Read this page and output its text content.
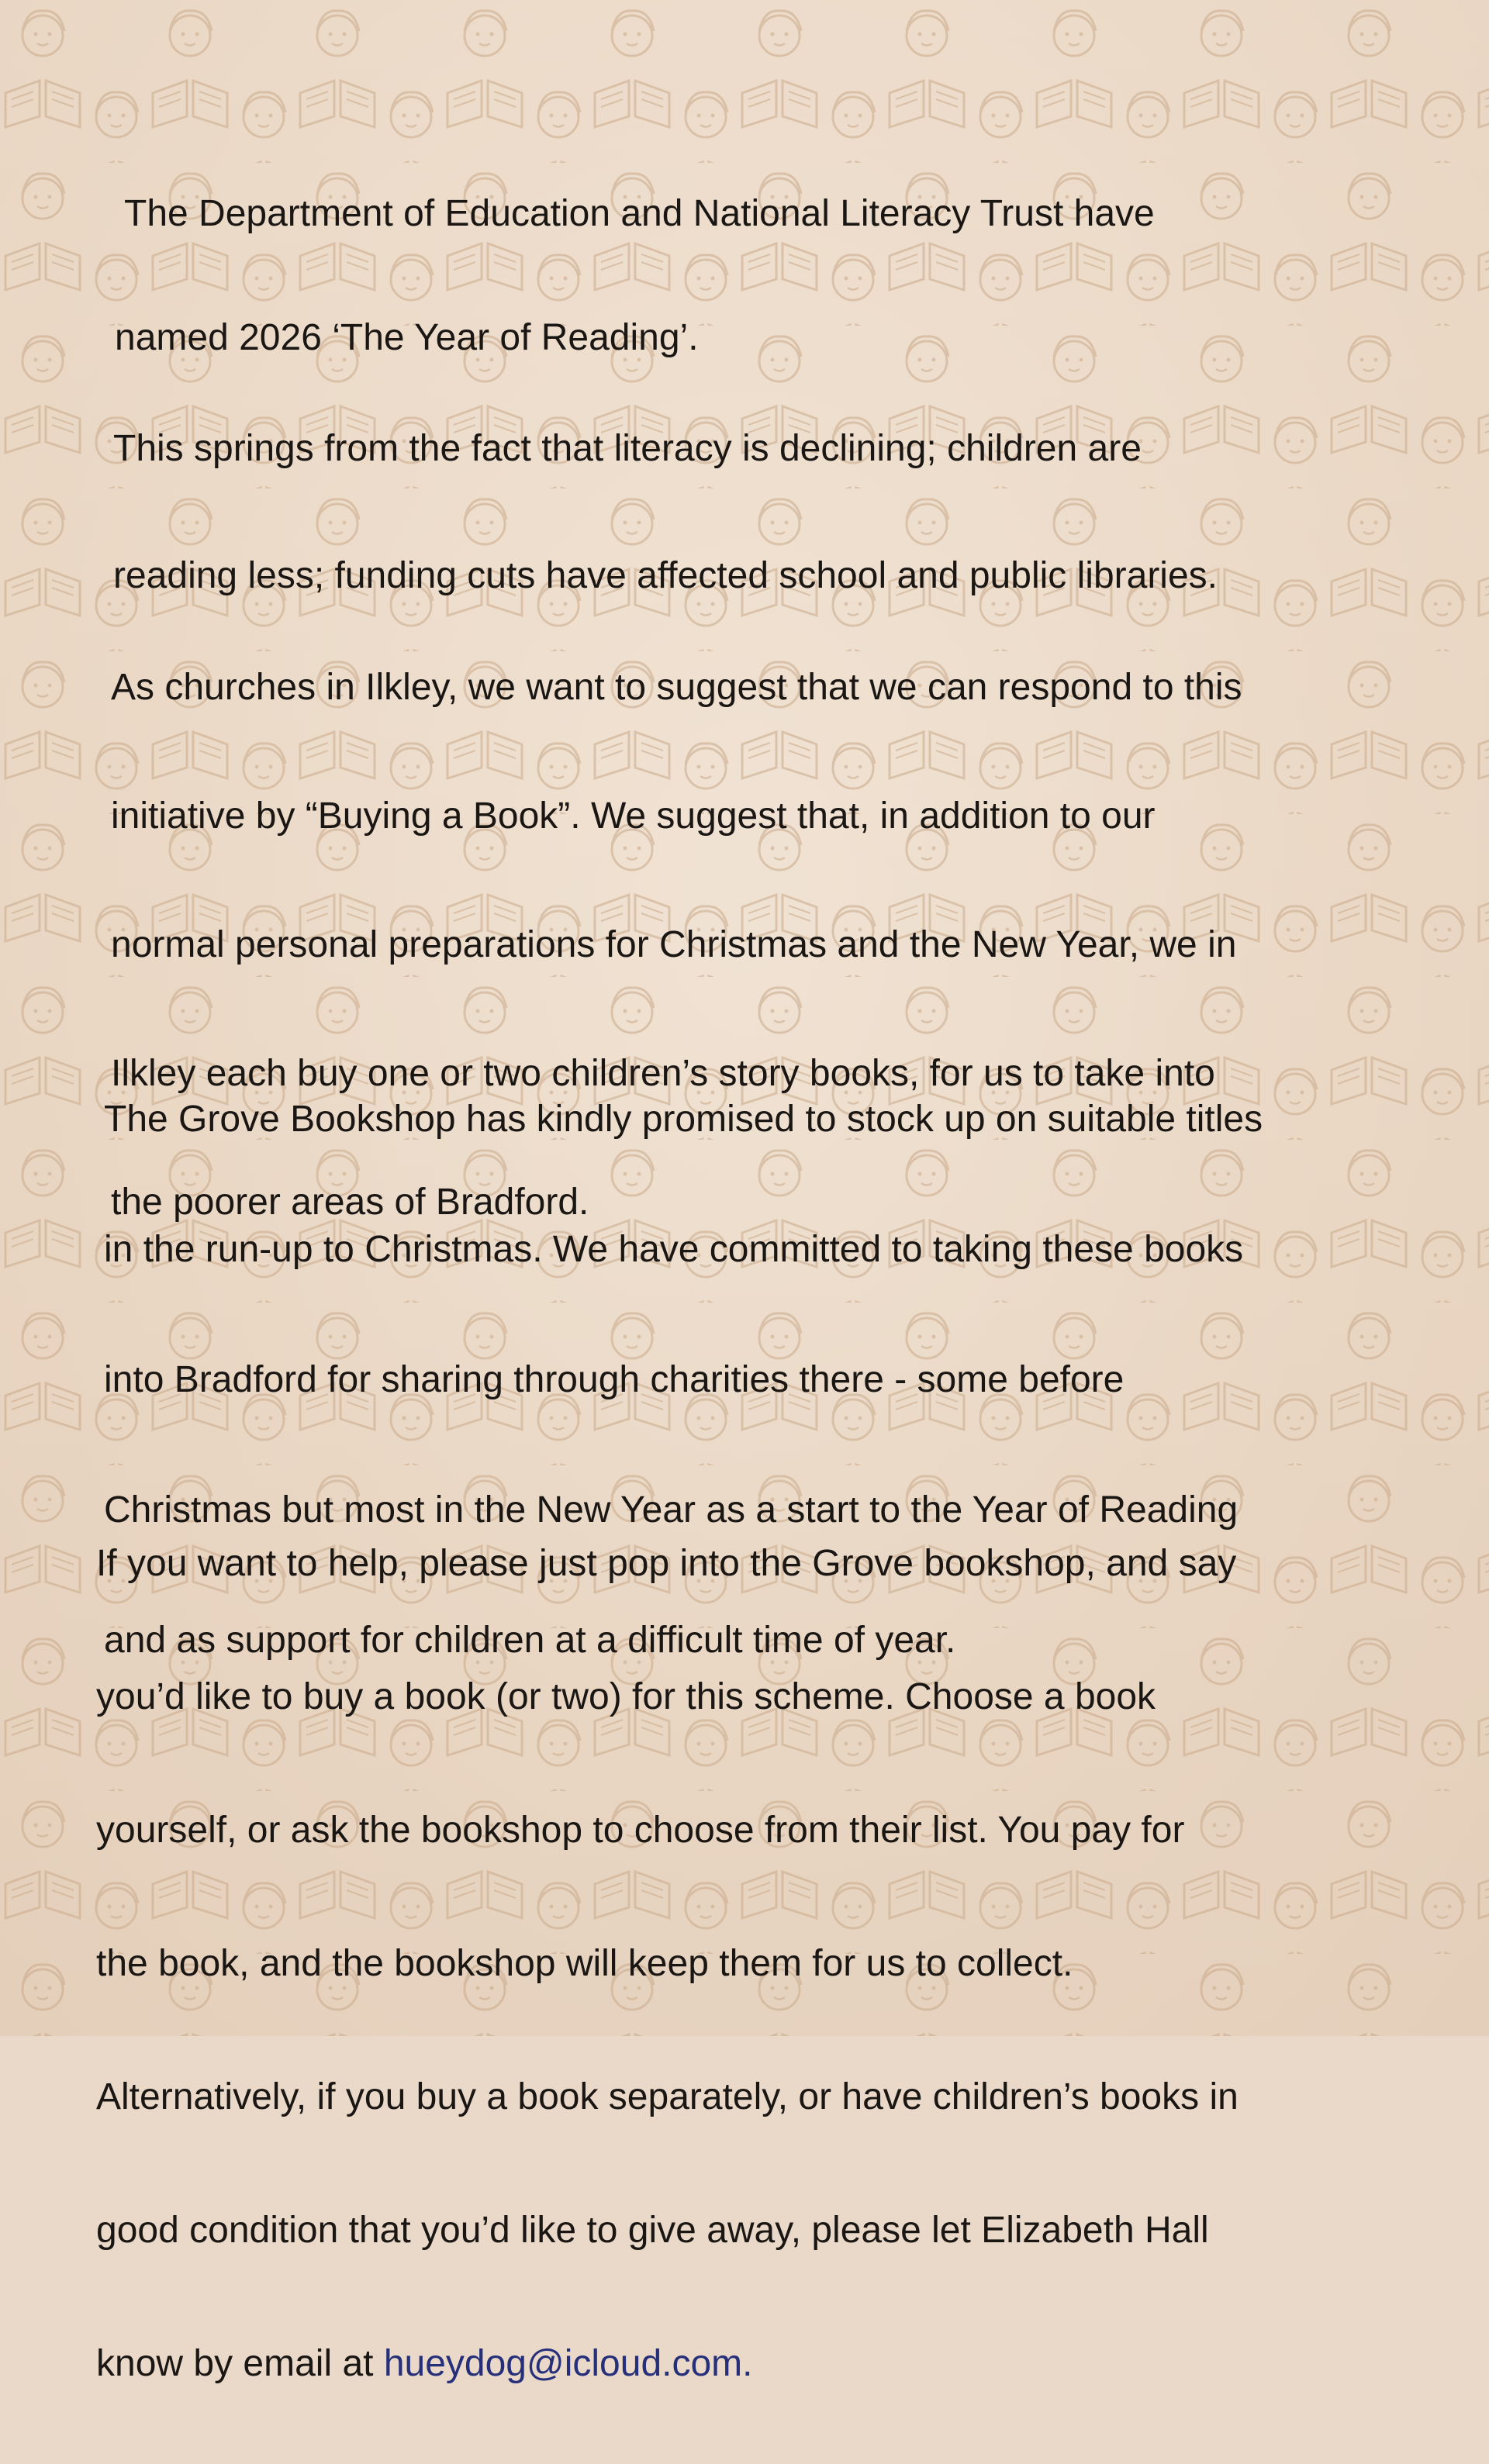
The Department of Education and National Literacy Trust have

named 2026 ‘The Year of Reading’.

This springs from the fact that literacy is declining; children are

reading less; funding cuts have affected school and public libraries.

As churches in Ilkley, we want to suggest that we can respond to this

initiative by “Buying a Book”. We suggest that, in addition to our

normal personal preparations for Christmas and the New Year, we in

Ilkley each buy one or two children’s story books, for us to take into

the poorer areas of Bradford.

The Grove Bookshop has kindly promised to stock up on suitable titles

in the run-up to Christmas. We have committed to taking these books

into Bradford for sharing through charities there - some before

Christmas but most in the New Year as a start to the Year of Reading

and as support for children at a difficult time of year.

If you want to help, please just pop into the Grove bookshop, and say

you’d like to buy a book (or two) for this scheme. Choose a book

yourself, or ask the bookshop to choose from their list. You pay for

the book, and the bookshop will keep them for us to collect.

Alternatively, if you buy a book separately, or have children’s books in

good condition that you’d like to give away, please let Elizabeth Hall

know by email at hueydog@icloud.com.
